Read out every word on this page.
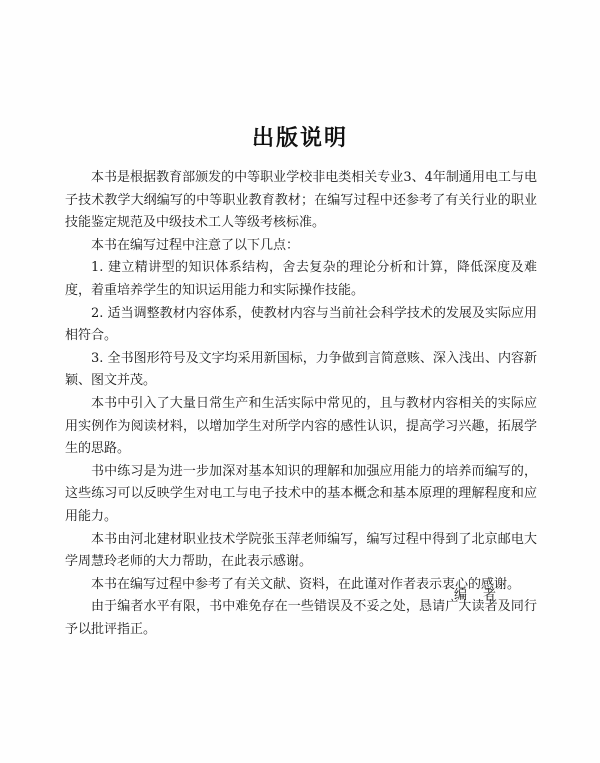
出版说明

本书是根据教育部颁发的中等职业学校非电类相关专业3、4年制通用电工与电子技术教学大纲编写的中等职业教育教材；在编写过程中还参考了有关行业的职业技能鉴定规范及中级技术工人等级考核标准。

本书在编写过程中注意了以下几点：

1. 建立精讲型的知识体系结构，舍去复杂的理论分析和计算，降低深度及难度，着重培养学生的知识运用能力和实际操作技能。

2. 适当调整教材内容体系，使教材内容与当前社会科学技术的发展及实际应用相符合。

3. 全书图形符号及文字均采用新国标，力争做到言简意赅、深入浅出、内容新颖、图文并茂。

本书中引入了大量日常生产和生活实际中常见的，且与教材内容相关的实际应用实例作为阅读材料，以增加学生对所学内容的感性认识，提高学习兴趣，拓展学生的思路。

书中练习是为进一步加深对基本知识的理解和加强应用能力的培养而编写的，这些练习可以反映学生对电工与电子技术中的基本概念和基本原理的理解程度和应用能力。

本书由河北建材职业技术学院张玉萍老师编写，编写过程中得到了北京邮电大学周慧玲老师的大力帮助，在此表示感谢。

本书在编写过程中参考了有关文献、资料，在此谨对作者表示衷心的感谢。

由于编者水平有限，书中难免存在一些错误及不妥之处，恳请广大读者及同行予以批评指正。

编者
